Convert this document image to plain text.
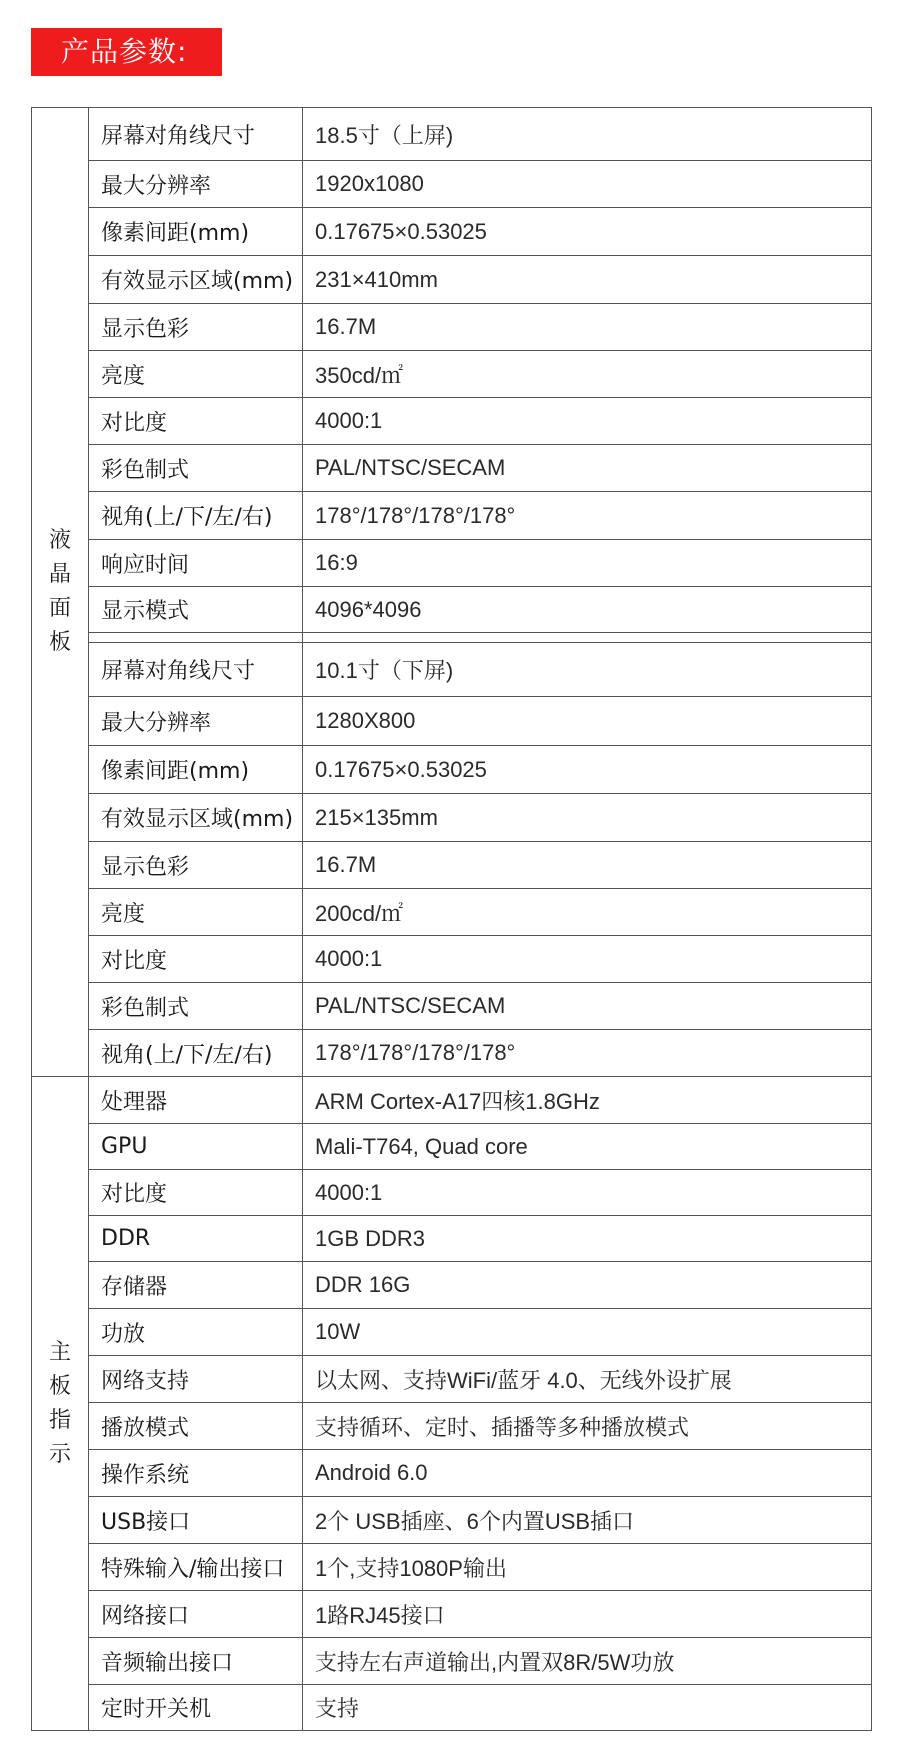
产品参数:
液晶面板	屏幕对角线尺寸	18.5寸（上屏)
	最大分辨率	1920x1080
	像素间距(mm)	0.17675×0.53025
	有效显示区域(mm)	231×410mm
	显示色彩	16.7M
	亮度	350cd/㎡
	对比度	4000:1
	彩色制式	PAL/NTSC/SECAM
	视角(上/下/左/右)	178°/178°/178°/178°
	响应时间	16:9
	显示模式	4096*4096

	屏幕对角线尺寸	10.1寸（下屏)
	最大分辨率	1280X800
	像素间距(mm)	0.17675×0.53025
	有效显示区域(mm)	215×135mm
	显示色彩	16.7M
	亮度	200cd/㎡
	对比度	4000:1
	彩色制式	PAL/NTSC/SECAM
	视角(上/下/左/右)	178°/178°/178°/178°
主板指示	处理器	ARM Cortex-A17四核1.8GHz
	GPU	Mali-T764, Quad core
	对比度	4000:1
	DDR	1GB DDR3
	存储器	DDR 16G
	功放	10W
	网络支持	以太网、支持WiFi/蓝牙 4.0、无线外设扩展
	播放模式	支持循环、定时、插播等多种播放模式
	操作系统	Android 6.0
	USB接口	2个 USB插座、6个内置USB插口
	特殊输入/输出接口	1个,支持1080P输出
	网络接口	1路RJ45接口
	音频输出接口	支持左右声道输出,内置双8R/5W功放
	定时开关机	支持
